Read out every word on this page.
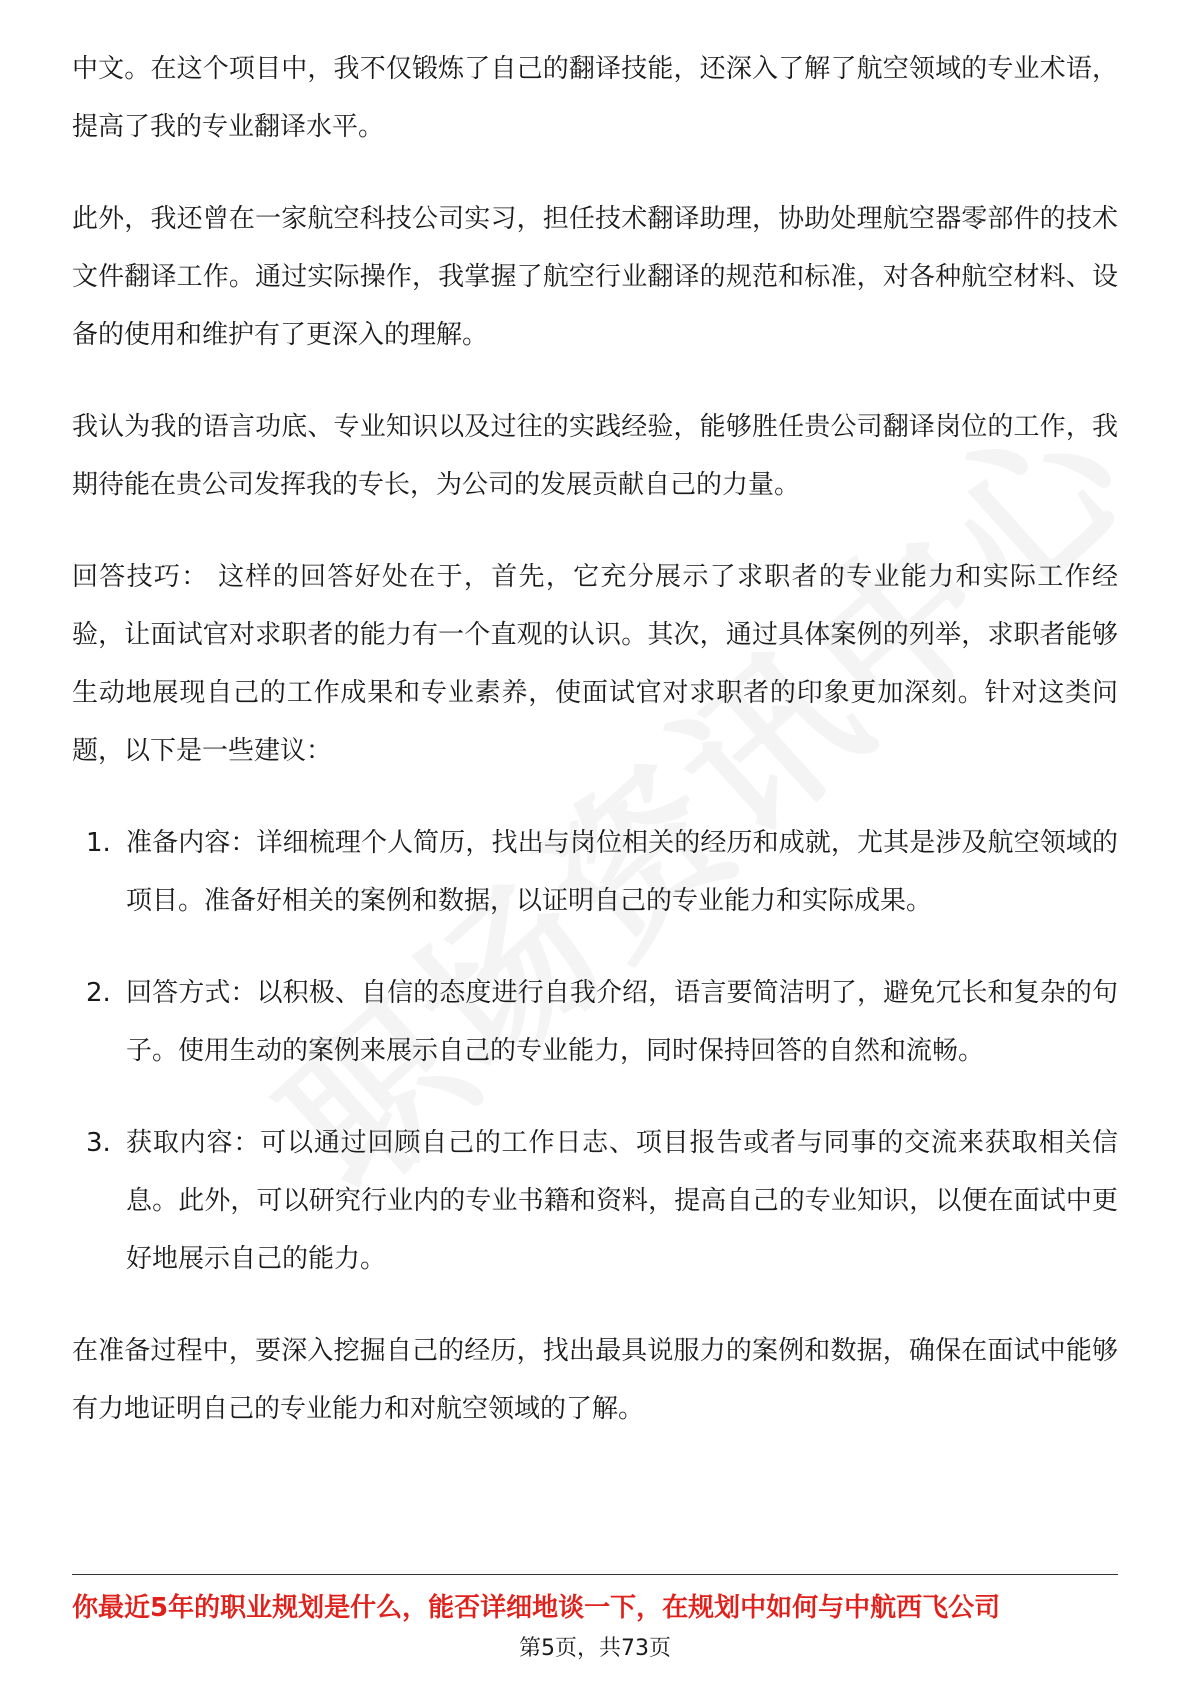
中文。在这个项目中，我不仅锻炼了自己的翻译技能，还深入了解了航空领域的专业术语，提高了我的专业翻译水平。

此外，我还曾在一家航空科技公司实习，担任技术翻译助理，协助处理航空器零部件的技术文件翻译工作。通过实际操作，我掌握了航空行业翻译的规范和标准，对各种航空材料、设备的使用和维护有了更深入的理解。

我认为我的语言功底、专业知识以及过往的实践经验，能够胜任贵公司翻译岗位的工作，我期待能在贵公司发挥我的专长，为公司的发展贡献自己的力量。

回答技巧： 这样的回答好处在于，首先，它充分展示了求职者的专业能力和实际工作经验，让面试官对求职者的能力有一个直观的认识。其次，通过具体案例的列举，求职者能够生动地展现自己的工作成果和专业素养，使面试官对求职者的印象更加深刻。针对这类问题，以下是一些建议：

1. 准备内容：详细梳理个人简历，找出与岗位相关的经历和成就，尤其是涉及航空领域的项目。准备好相关的案例和数据，以证明自己的专业能力和实际成果。
2. 回答方式：以积极、自信的态度进行自我介绍，语言要简洁明了，避免冗长和复杂的句子。使用生动的案例来展示自己的专业能力，同时保持回答的自然和流畅。
3. 获取内容：可以通过回顾自己的工作日志、项目报告或者与同事的交流来获取相关信息。此外，可以研究行业内的专业书籍和资料，提高自己的专业知识，以便在面试中更好地展示自己的能力。

在准备过程中，要深入挖掘自己的经历，找出最具说服力的案例和数据，确保在面试中能够有力地证明自己的专业能力和对航空领域的了解。

你最近5年的职业规划是什么，能否详细地谈一下，在规划中如何与中航西飞公司
第5页，共73页
